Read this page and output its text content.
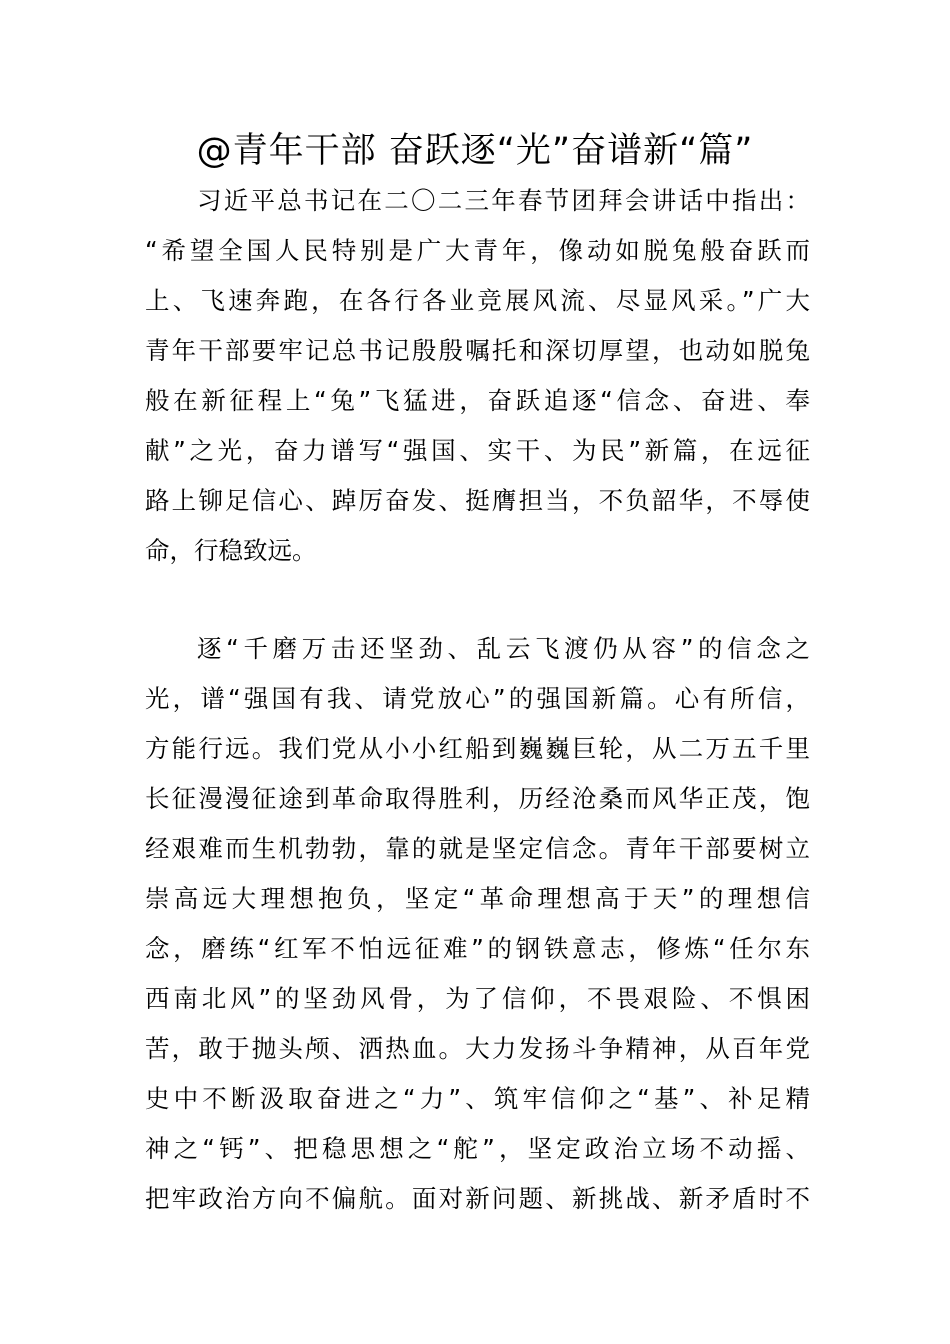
@青年干部 奋跃逐“光”奋谱新“篇”
习近平总书记在二〇二三年春节团拜会讲话中指出：
“希望全国人民特别是广大青年，像动如脱兔般奋跃而
上、飞速奔跑，在各行各业竞展风流、尽显风采。”广大
青年干部要牢记总书记殷殷嘱托和深切厚望，也动如脱兔
般在新征程上“兔”飞猛进，奋跃追逐“信念、奋进、奉
献”之光，奋力谱写“强国、实干、为民”新篇，在远征
路上铆足信心、踔厉奋发、挺膺担当，不负韶华，不辱使
命，行稳致远。
逐“千磨万击还坚劲、乱云飞渡仍从容”的信念之
光，谱“强国有我、请党放心”的强国新篇。心有所信，
方能行远。我们党从小小红船到巍巍巨轮，从二万五千里
长征漫漫征途到革命取得胜利，历经沧桑而风华正茂，饱
经艰难而生机勃勃，靠的就是坚定信念。青年干部要树立
崇高远大理想抱负，坚定“革命理想高于天”的理想信
念，磨练“红军不怕远征难”的钢铁意志，修炼“任尔东
西南北风”的坚劲风骨，为了信仰，不畏艰险、不惧困
苦，敢于抛头颅、洒热血。大力发扬斗争精神，从百年党
史中不断汲取奋进之“力”、筑牢信仰之“基”、补足精
神之“钙”、把稳思想之“舵”，坚定政治立场不动摇、
把牢政治方向不偏航。面对新问题、新挑战、新矛盾时不
